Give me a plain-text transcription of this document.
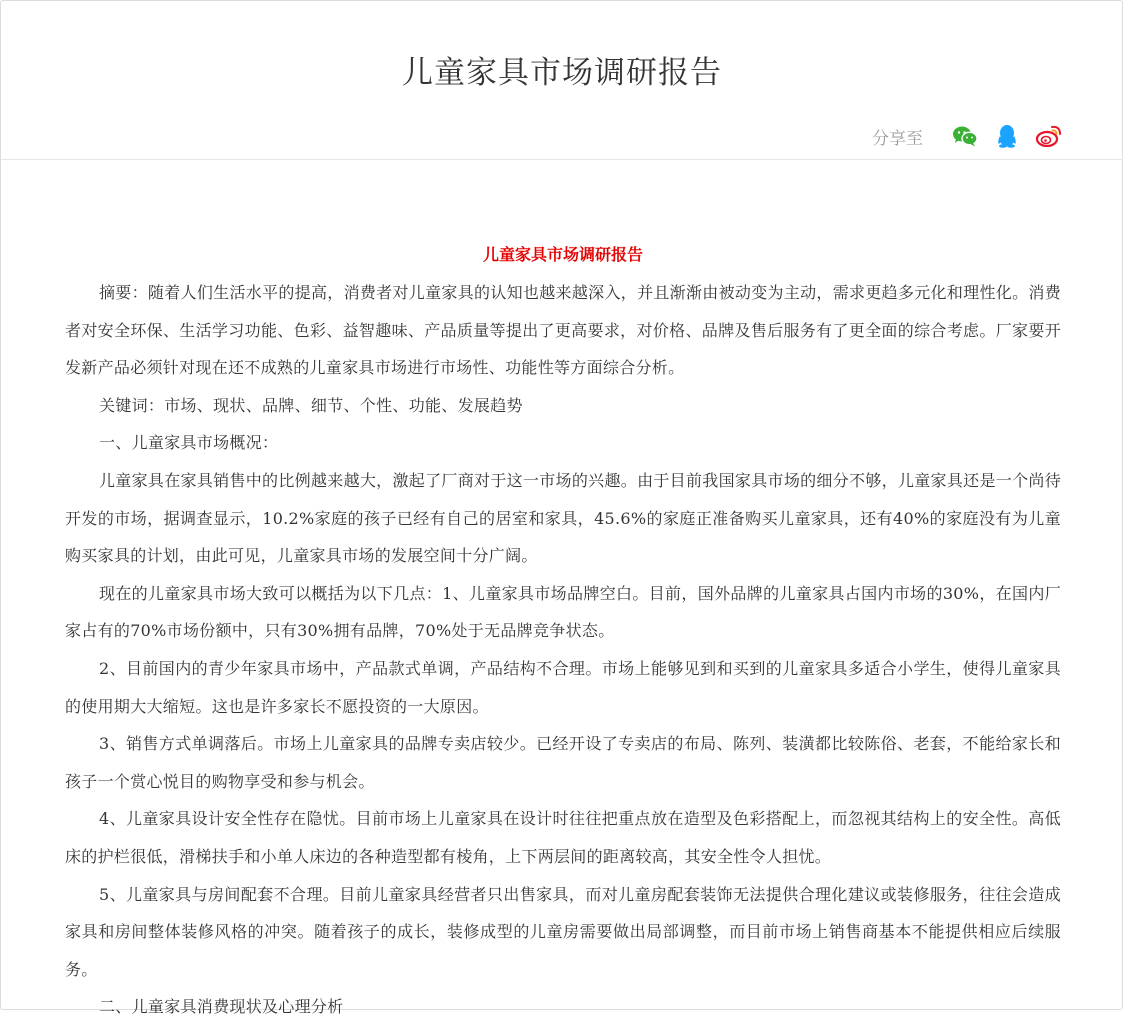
儿童家具市场调研报告
分享至

儿童家具市场调研报告

摘要：随着人们生活水平的提高，消费者对儿童家具的认知也越来越深入，并且渐渐由被动变为主动，需求更趋多元化和理性化。消费者对安全环保、生活学习功能、色彩、益智趣味、产品质量等提出了更高要求，对价格、品牌及售后服务有了更全面的综合考虑。厂家要开发新产品必须针对现在还不成熟的儿童家具市场进行市场性、功能性等方面综合分析。

关键词：市场、现状、品牌、细节、个性、功能、发展趋势

一、儿童家具市场概况：

儿童家具在家具销售中的比例越来越大，激起了厂商对于这一市场的兴趣。由于目前我国家具市场的细分不够，儿童家具还是一个尚待开发的市场，据调查显示，10.2%家庭的孩子已经有自己的居室和家具，45.6%的家庭正准备购买儿童家具，还有40%的家庭没有为儿童购买家具的计划，由此可见，儿童家具市场的发展空间十分广阔。

现在的儿童家具市场大致可以概括为以下几点：1、儿童家具市场品牌空白。目前，国外品牌的儿童家具占国内市场的30%，在国内厂家占有的70%市场份额中，只有30%拥有品牌，70%处于无品牌竞争状态。

2、目前国内的青少年家具市场中，产品款式单调，产品结构不合理。市场上能够见到和买到的儿童家具多适合小学生，使得儿童家具的使用期大大缩短。这也是许多家长不愿投资的一大原因。

3、销售方式单调落后。市场上儿童家具的品牌专卖店较少。已经开设了专卖店的布局、陈列、装潢都比较陈俗、老套，不能给家长和孩子一个赏心悦目的购物享受和参与机会。

4、儿童家具设计安全性存在隐忧。目前市场上儿童家具在设计时往往把重点放在造型及色彩搭配上，而忽视其结构上的安全性。高低床的护栏很低，滑梯扶手和小单人床边的各种造型都有棱角，上下两层间的距离较高，其安全性令人担忧。

5、儿童家具与房间配套不合理。目前儿童家具经营者只出售家具，而对儿童房配套装饰无法提供合理化建议或装修服务，往往会造成家具和房间整体装修风格的冲突。随着孩子的成长，装修成型的儿童房需要做出局部调整，而目前市场上销售商基本不能提供相应后续服务。

二、儿童家具消费现状及心理分析
